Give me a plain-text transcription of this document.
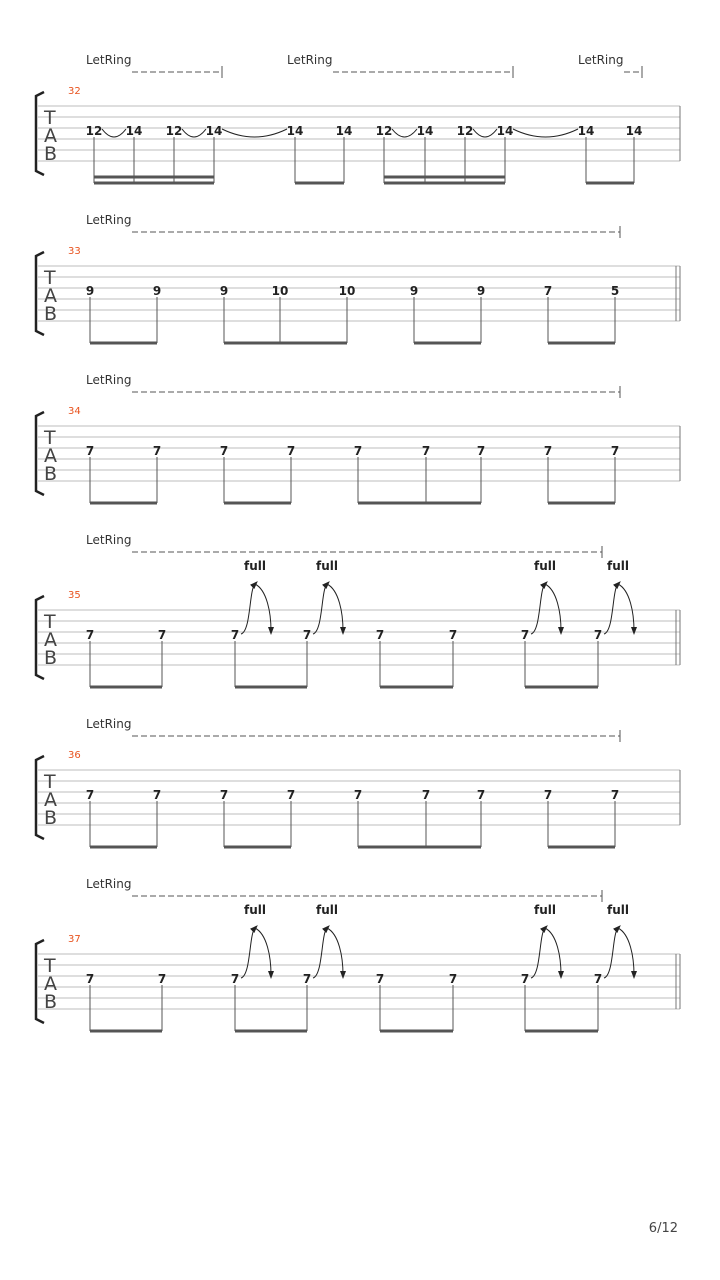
LetRing	LetRing	LetRing
32
T
A
B
12 14 12 14	14	14 12 14 12 14	14	14
LetRing
33
T
A
B
9	9	9	10	10	9	9	7	5
LetRing
34
T
A
B
7	7	7	7	7	7	7	7	7
LetRing
35
T
A
B
7	7	7
full
7
full
7	7	7
full
7
full
LetRing
36
T
A
B
7	7	7	7	7	7	7	7	7
LetRing
37
T
A
B
7	7	7
full
7
full
7	7	7
full
7
full
6/12
